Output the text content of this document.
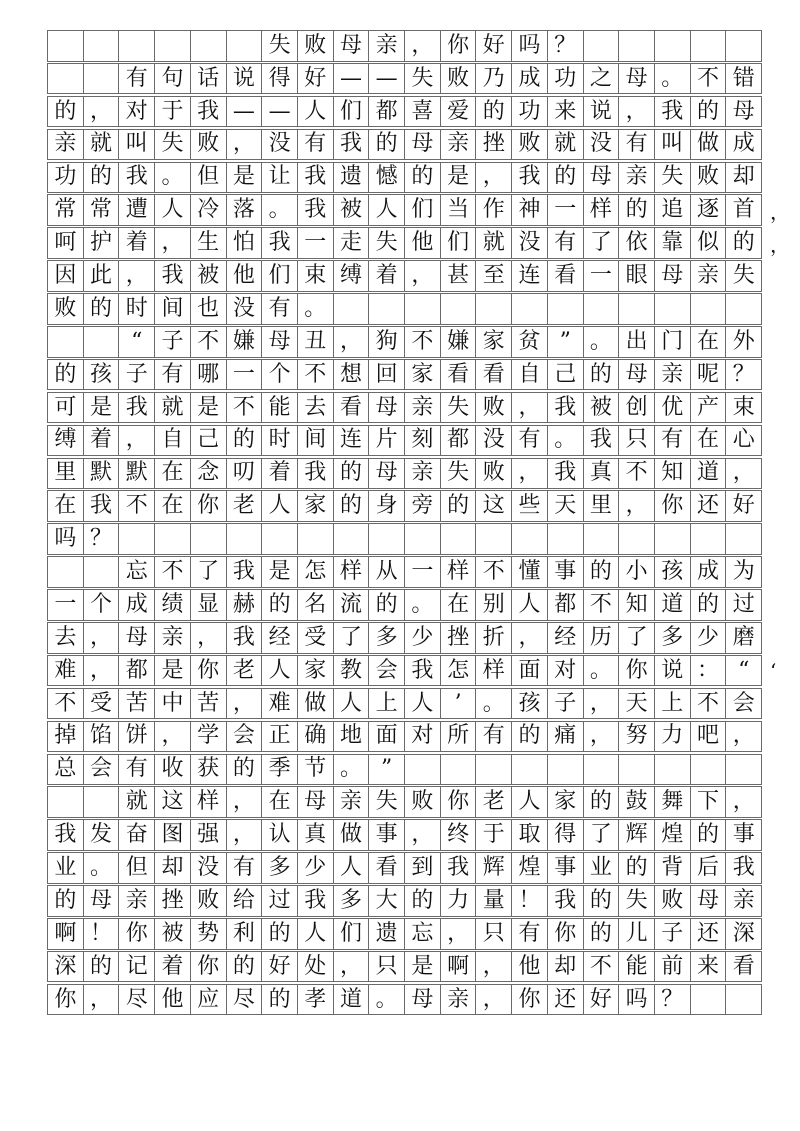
失 败 母 亲 ， 你 好 吗 ？
有 句 话 说 得 好 — — 失 败 乃 成 功 之 母 。 不 错
的 ， 对 于 我 — — 人 们 都 喜 爱 的 功 来 说 ， 我 的 母
亲 就 叫 失 败 ， 没 有 我 的 母 亲 挫 败 就 没 有 叫 做 成
功 的 我 。 但 是 让 我 遗 憾 的 是 ， 我 的 母 亲 失 败 却
常 常 遭 人 冷 落 。 我 被 人 们 当 作 神 一 样 的 追 逐 首 ，
呵 护 着 ， 生 怕 我 一 走 失 他 们 就 没 有 了 依 靠 似 的 ，
因 此 ， 我 被 他 们 束 缚 着 ， 甚 至 连 看 一 眼 母 亲 失
败 的 时 间 也 没 有 。
“ 子 不 嫌 母 丑 ， 狗 不 嫌 家 贫 ” 。 出 门 在 外
的 孩 子 有 哪 一 个 不 想 回 家 看 看 自 己 的 母 亲 呢 ？
可 是 我 就 是 不 能 去 看 母 亲 失 败 ， 我 被 创 优 产 束
缚 着 ， 自 己 的 时 间 连 片 刻 都 没 有 。 我 只 有 在 心
里 默 默 在 念 叨 着 我 的 母 亲 失 败 ， 我 真 不 知 道 ，
在 我 不 在 你 老 人 家 的 身 旁 的 这 些 天 里 ， 你 还 好
吗 ？
忘 不 了 我 是 怎 样 从 一 样 不 懂 事 的 小 孩 成 为
一 个 成 绩 显 赫 的 名 流 的 。 在 别 人 都 不 知 道 的 过
去 ， 母 亲 ， 我 经 受 了 多 少 挫 折 ， 经 历 了 多 少 磨
难 ， 都 是 你 老 人 家 教 会 我 怎 样 面 对 。 你 说 ： “	‘
不 受 苦 中 苦 ， 难 做 人 上 人 ’ 。 孩 子 ， 天 上 不 会
掉 馅 饼 ， 学 会 正 确 地 面 对 所 有 的 痛 ， 努 力 吧 ，
总 会 有 收 获 的 季 节 。 ”
就 这 样 ， 在 母 亲 失 败 你 老 人 家 的 鼓 舞 下 ，
我 发 奋 图 强 ， 认 真 做 事 ， 终 于 取 得 了 辉 煌 的 事
业 。 但 却 没 有 多 少 人 看 到 我 辉 煌 事 业 的 背 后 我
的 母 亲 挫 败 给 过 我 多 大 的 力 量 ！ 我 的 失 败 母 亲
啊 ！ 你 被 势 利 的 人 们 遗 忘 ， 只 有 你 的 儿 子 还 深
深 的 记 着 你 的 好 处 ， 只 是 啊 ， 他 却 不 能 前 来 看
你 ， 尽 他 应 尽 的 孝 道 。 母 亲 ， 你 还 好 吗 ？
